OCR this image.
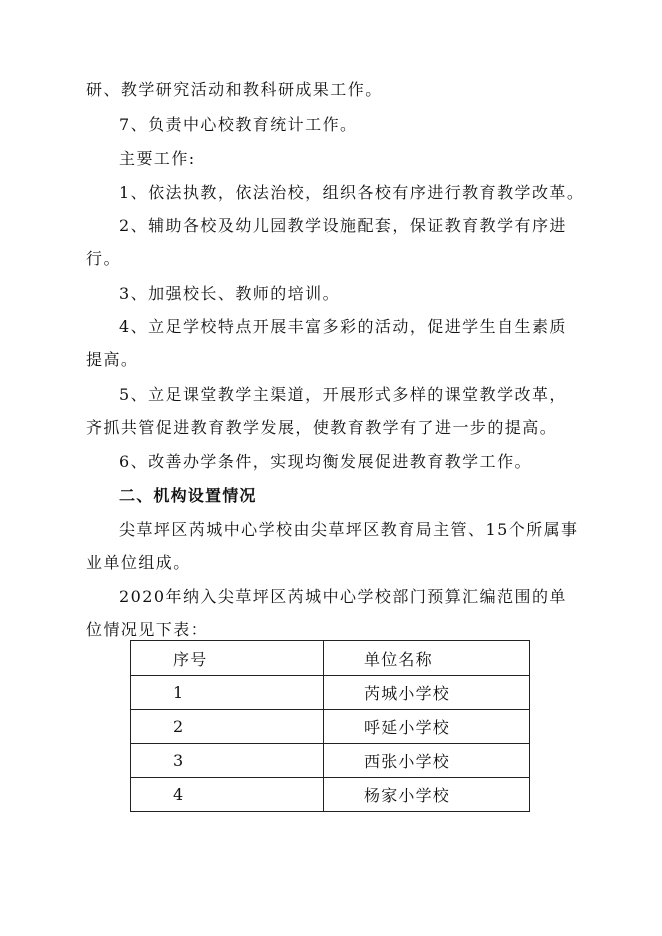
研、教学研究活动和教科研成果工作。
7、负责中心校教育统计工作。
主要工作:
1、依法执教，依法治校，组织各校有序进行教育教学改革。
2、辅助各校及幼儿园教学设施配套，保证教育教学有序进
行。
3、加强校长、教师的培训。
4、立足学校特点开展丰富多彩的活动，促进学生自生素质
提高。
5、立足课堂教学主渠道，开展形式多样的课堂教学改革，
齐抓共管促进教育教学发展，使教育教学有了进一步的提高。
6、改善办学条件，实现均衡发展促进教育教学工作。
二、机构设置情况
尖草坪区芮城中心学校由尖草坪区教育局主管、15个所属事
业单位组成。
2020年纳入尖草坪区芮城中心学校部门预算汇编范围的单
位情况见下表：
序号	单位名称
1	芮城小学校
2	呼延小学校
3	西张小学校
4	杨家小学校
